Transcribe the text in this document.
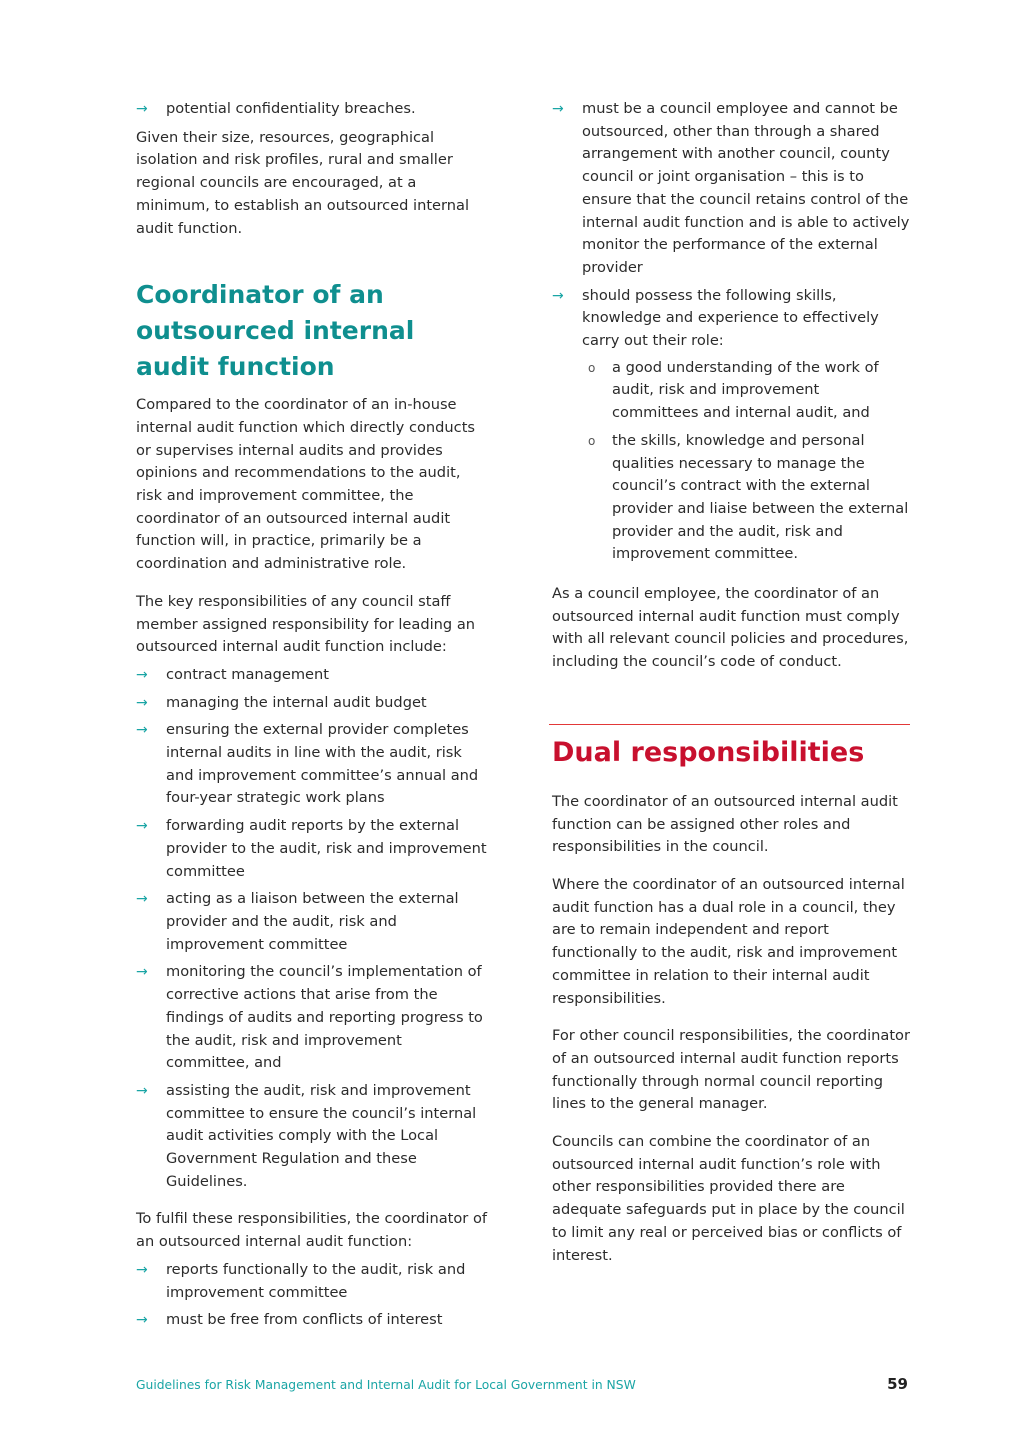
→ potential confidentiality breaches.

Given their size, resources, geographical isolation and risk profiles, rural and smaller regional councils are encouraged, at a minimum, to establish an outsourced internal audit function.

Coordinator of an outsourced internal audit function

Compared to the coordinator of an in-house internal audit function which directly conducts or supervises internal audits and provides opinions and recommendations to the audit, risk and improvement committee, the coordinator of an outsourced internal audit function will, in practice, primarily be a coordination and administrative role.

The key responsibilities of any council staff member assigned responsibility for leading an outsourced internal audit function include:

→ contract management
→ managing the internal audit budget
→ ensuring the external provider completes internal audits in line with the audit, risk and improvement committee’s annual and four-year strategic work plans
→ forwarding audit reports by the external provider to the audit, risk and improvement committee
→ acting as a liaison between the external provider and the audit, risk and improvement committee
→ monitoring the council’s implementation of corrective actions that arise from the findings of audits and reporting progress to the audit, risk and improvement committee, and
→ assisting the audit, risk and improvement committee to ensure the council’s internal audit activities comply with the Local Government Regulation and these Guidelines.

To fulfil these responsibilities, the coordinator of an outsourced internal audit function:

→ reports functionally to the audit, risk and improvement committee
→ must be free from conflicts of interest
→ must be a council employee and cannot be outsourced, other than through a shared arrangement with another council, county council or joint organisation – this is to ensure that the council retains control of the internal audit function and is able to actively monitor the performance of the external provider
→ should possess the following skills, knowledge and experience to effectively carry out their role:
o a good understanding of the work of audit, risk and improvement committees and internal audit, and
o the skills, knowledge and personal qualities necessary to manage the council’s contract with the external provider and liaise between the external provider and the audit, risk and improvement committee.

As a council employee, the coordinator of an outsourced internal audit function must comply with all relevant council policies and procedures, including the council’s code of conduct.

Dual responsibilities

The coordinator of an outsourced internal audit function can be assigned other roles and responsibilities in the council.

Where the coordinator of an outsourced internal audit function has a dual role in a council, they are to remain independent and report functionally to the audit, risk and improvement committee in relation to their internal audit responsibilities.

For other council responsibilities, the coordinator of an outsourced internal audit function reports functionally through normal council reporting lines to the general manager.

Councils can combine the coordinator of an outsourced internal audit function’s role with other responsibilities provided there are adequate safeguards put in place by the council to limit any real or perceived bias or conflicts of interest.

Guidelines for Risk Management and Internal Audit for Local Government in NSW	59
